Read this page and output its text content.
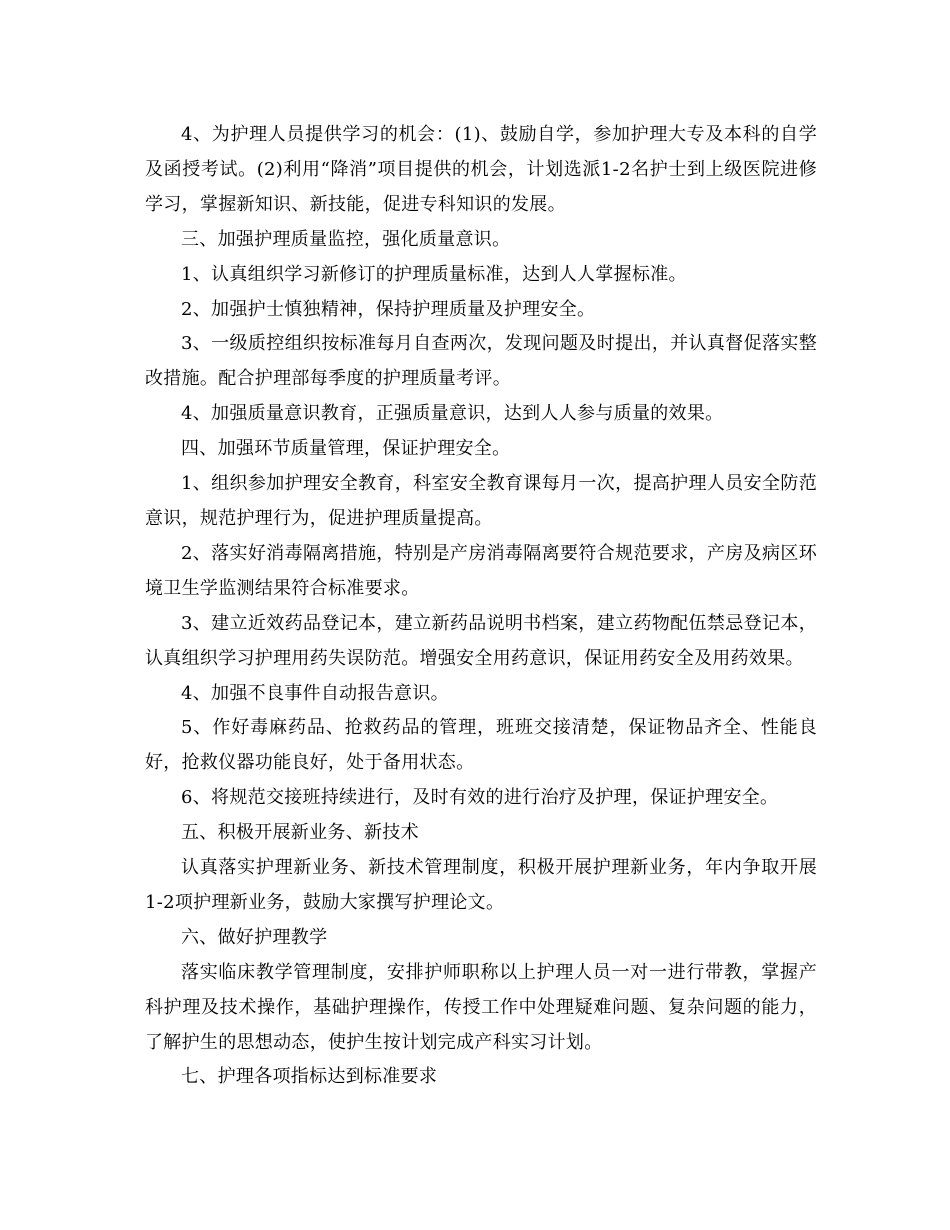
4、为护理人员提供学习的机会：(1)、鼓励自学，参加护理大专及本科的自学及函授考试。(2)利用“降消”项目提供的机会，计划选派1-2名护士到上级医院进修学习，掌握新知识、新技能，促进专科知识的发展。

三、加强护理质量监控，强化质量意识。

1、认真组织学习新修订的护理质量标准，达到人人掌握标准。

2、加强护士慎独精神，保持护理质量及护理安全。

3、一级质控组织按标准每月自查两次，发现问题及时提出，并认真督促落实整改措施。配合护理部每季度的护理质量考评。

4、加强质量意识教育，正强质量意识，达到人人参与质量的效果。

四、加强环节质量管理，保证护理安全。

1、组织参加护理安全教育，科室安全教育课每月一次，提高护理人员安全防范意识，规范护理行为，促进护理质量提高。

2、落实好消毒隔离措施，特别是产房消毒隔离要符合规范要求，产房及病区环境卫生学监测结果符合标准要求。

3、建立近效药品登记本，建立新药品说明书档案，建立药物配伍禁忌登记本，认真组织学习护理用药失误防范。增强安全用药意识，保证用药安全及用药效果。

4、加强不良事件自动报告意识。

5、作好毒麻药品、抢救药品的管理，班班交接清楚，保证物品齐全、性能良好，抢救仪器功能良好，处于备用状态。

6、将规范交接班持续进行，及时有效的进行治疗及护理，保证护理安全。

五、积极开展新业务、新技术

认真落实护理新业务、新技术管理制度，积极开展护理新业务，年内争取开展1-2项护理新业务，鼓励大家撰写护理论文。

六、做好护理教学

落实临床教学管理制度，安排护师职称以上护理人员一对一进行带教，掌握产科护理及技术操作，基础护理操作，传授工作中处理疑难问题、复杂问题的能力，了解护生的思想动态，使护生按计划完成产科实习计划。

七、护理各项指标达到标准要求
